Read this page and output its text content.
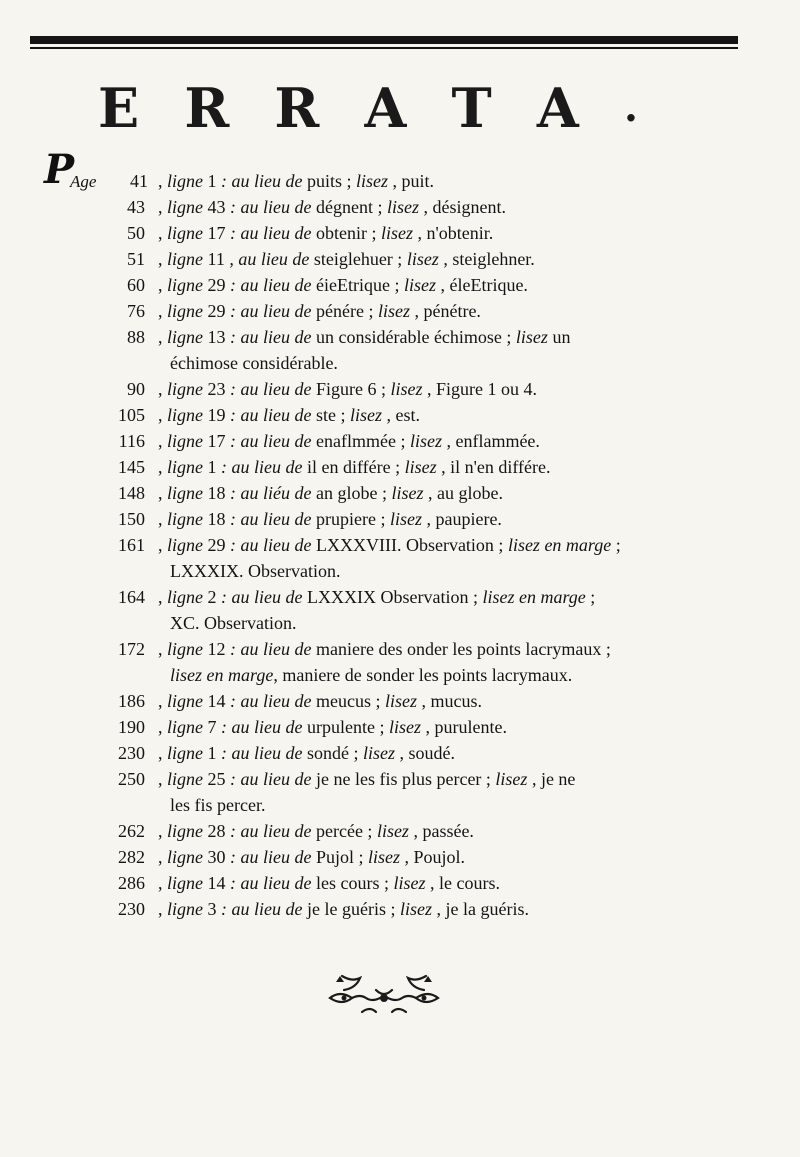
E R R A T A .
P
Age 41 , ligne 1 : au lieu de puits ; lisez , puit.
43 , ligne 43 : au lieu de dégnent ; lisez , désignent.
50 , ligne 17 : au lieu de obtenir ; lisez , n'obtenir.
51 , ligne 11 , au lieu de steiglehuer ; lisez , steiglehner.
60 , ligne 29 : au lieu de éieEtrique ; lisez , éleEtrique.
76 , ligne 29 : au lieu de pénére ; lisez , pénétre.
88 , ligne 13 : au lieu de un considérable échimose ; lisez un
échimose considérable.
90 , ligne 23 : au lieu de Figure 6 ; lisez , Figure 1 ou 4.
105 , ligne 19 : au lieu de ste ; lisez , est.
116 , ligne 17 : au lieu de enaflmmée ; lisez , enflammée.
145 , ligne 1 : au lieu de il en différe ; lisez , il n'en différe.
148 , ligne 18 : au liéu de an globe ; lisez , au globe.
150 , ligne 18 : au lieu de prupiere ; lisez , paupiere.
161 , ligne 29 : au lieu de LXXXVIII. Observation ; lisez en marge ;
LXXXIX. Observation.
164 , ligne 2 : au lieu de LXXXIX Observation ; lisez en marge ;
XC. Observation.
172 , ligne 12 : au lieu de maniere des onder les points lacrymaux ;
lisez en marge, maniere de sonder les points lacrymaux.
186 , ligne 14 : au lieu de meucus ; lisez , mucus.
190 , ligne 7 : au lieu de urpulente ; lisez , purulente.
230 , ligne 1 : au lieu de sondé ; lisez , soudé.
250 , ligne 25 : au lieu de je ne les fis plus percer ; lisez , je ne
les fis percer.
262 , ligne 28 : au lieu de percée ; lisez , passée.
282 , ligne 30 : au lieu de Pujol ; lisez , Poujol.
286 , ligne 14 : au lieu de les cours ; lisez , le cours.
230 , ligne 3 : au lieu de je le guéris ; lisez , je la guéris.
